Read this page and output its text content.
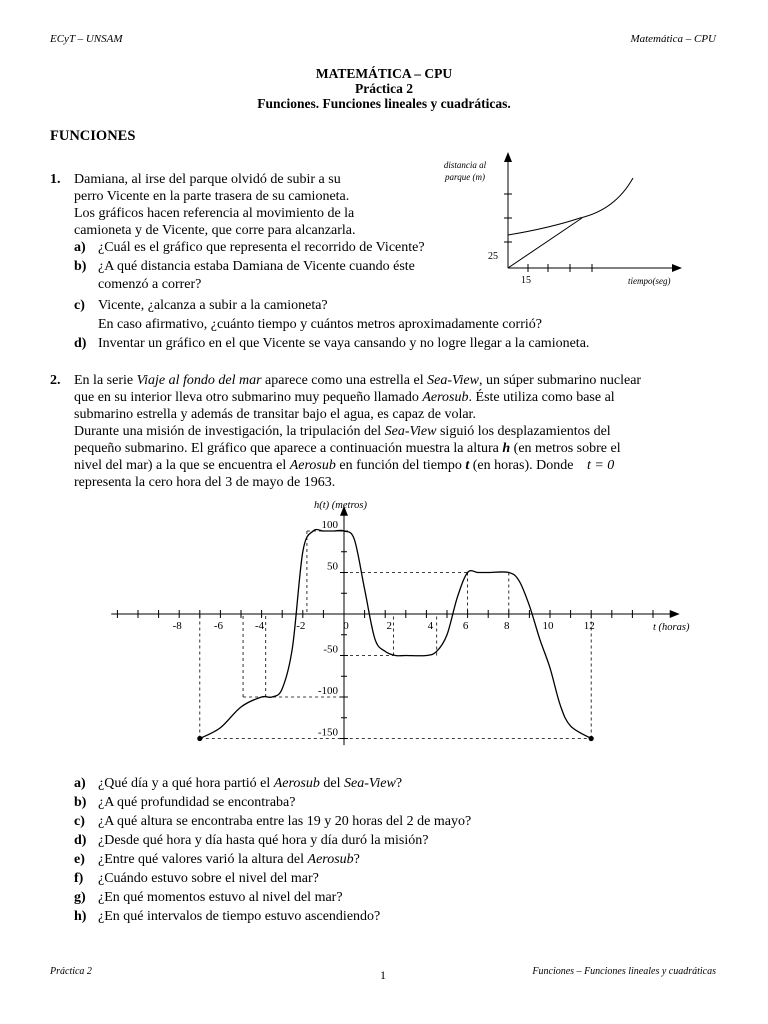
ECyT – UNSAM	Matemática – CPU
MATEMÁTICA – CPU
Práctica 2
Funciones. Funciones lineales y cuadráticas.
FUNCIONES
1. Damiana, al irse del parque olvidó de subir a su
perro Vicente en la parte trasera de su camioneta.
Los gráficos hacen referencia al movimiento de la
camioneta y de Vicente, que corre para alcanzarla.
a) ¿Cuál es el gráfico que representa el recorrido de Vicente?
b) ¿A qué distancia estaba Damiana de Vicente cuando éste
comenzó a correr?
c) Vicente, ¿alcanza a subir a la camioneta?
En caso afirmativo, ¿cuánto tiempo y cuántos metros aproximadamente corrió?
d) Inventar un gráfico en el que Vicente se vaya cansando y no logre llegar a la camioneta.
distancia al
parque (m)
25
15	tiempo(seg)
2. En la serie Viaje al fondo del mar aparece como una estrella el Sea-View, un súper submarino nuclear
que en su interior lleva otro submarino muy pequeño llamado Aerosub. Éste utiliza como base al
submarino estrella y además de transitar bajo el agua, es capaz de volar.
Durante una misión de investigación, la tripulación del Sea-View siguió los desplazamientos del
pequeño submarino. El gráfico que aparece a continuación muestra la altura h (en metros sobre el
nivel del mar) a la que se encuentra el Aerosub en función del tiempo t (en horas). Donde t = 0
representa la cero hora del 3 de mayo de 1963.
-8	-6	-4	-2	0	2	4	6	8	10	12
100
50
-50
-100
-150
h(t) (metros)
t (horas)
a) ¿Qué día y a qué hora partió el Aerosub del Sea-View?
b) ¿A qué profundidad se encontraba?
c) ¿A qué altura se encontraba entre las 19 y 20 horas del 2 de mayo?
d) ¿Desde qué hora y día hasta qué hora y día duró la misión?
e) ¿Entre qué valores varió la altura del Aerosub?
f) ¿Cuándo estuvo sobre el nivel del mar?
g) ¿En qué momentos estuvo al nivel del mar?
h) ¿En qué intervalos de tiempo estuvo ascendiendo?
Práctica 2	1	Funciones – Funciones lineales y cuadráticas
